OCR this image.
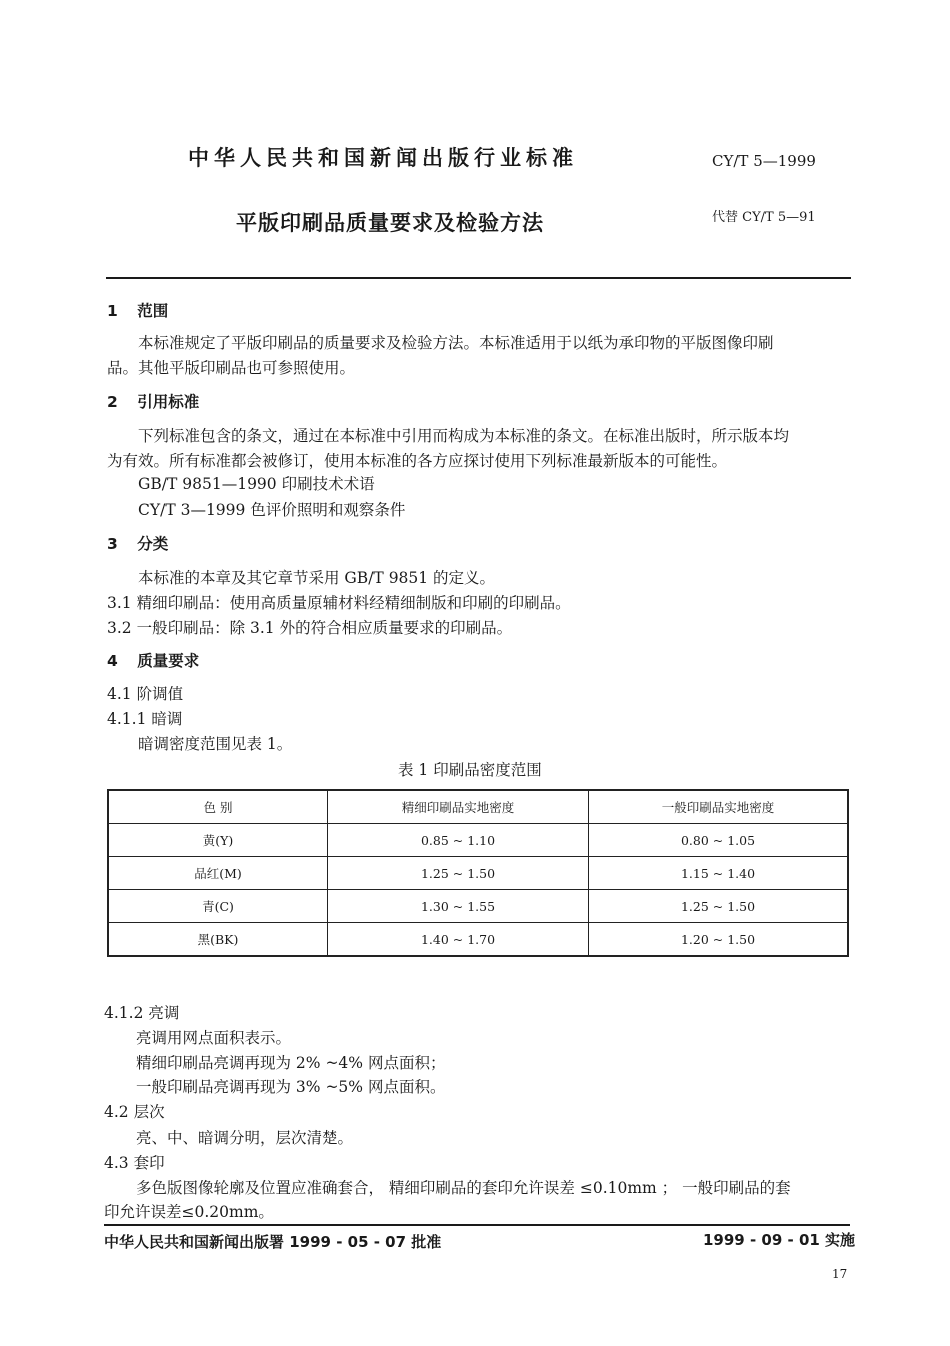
中华人民共和国新闻出版行业标准	CY/T 5—1999
平版印刷品质量要求及检验方法	代替 CY/T 5—91
1 范围
本标准规定了平版印刷品的质量要求及检验方法。本标准适用于以纸为承印物的平版图像印刷
品。其他平版印刷品也可参照使用。
2 引用标准
下列标准包含的条文，通过在本标准中引用而构成为本标准的条文。在标准出版时，所示版本均
为有效。所有标准都会被修订，使用本标准的各方应探讨使用下列标准最新版本的可能性。
GB/T 9851—1990 印刷技术术语
CY/T 3—1999 色评价照明和观察条件
3 分类
本标准的本章及其它章节采用 GB/T 9851 的定义。
3.1 精细印刷品：使用高质量原辅材料经精细制版和印刷的印刷品。
3.2 一般印刷品：除 3.1 外的符合相应质量要求的印刷品。
4 质量要求
4.1 阶调值
4.1.1 暗调
暗调密度范围见表 1。
表 1 印刷品密度范围
色 别	精细印刷品实地密度	一般印刷品实地密度
黄(Y)	0.85 ~ 1.10	0.80 ~ 1.05
品红(M)	1.25 ~ 1.50	1.15 ~ 1.40
青(C)	1.30 ~ 1.55	1.25 ~ 1.50
黑(BK)	1.40 ~ 1.70	1.20 ~ 1.50
4.1.2 亮调
亮调用网点面积表示。
精细印刷品亮调再现为 2% ~4% 网点面积；
一般印刷品亮调再现为 3% ~5% 网点面积。
4.2 层次
亮、中、暗调分明，层次清楚。
4.3 套印
多色版图像轮廓及位置应准确套合， 精细印刷品的套印允许误差 ≤0.10mm ； 一般印刷品的套
印允许误差≤0.20mm。
中华人民共和国新闻出版署 1999 - 05 - 07 批准	1999 - 09 - 01 实施
17
